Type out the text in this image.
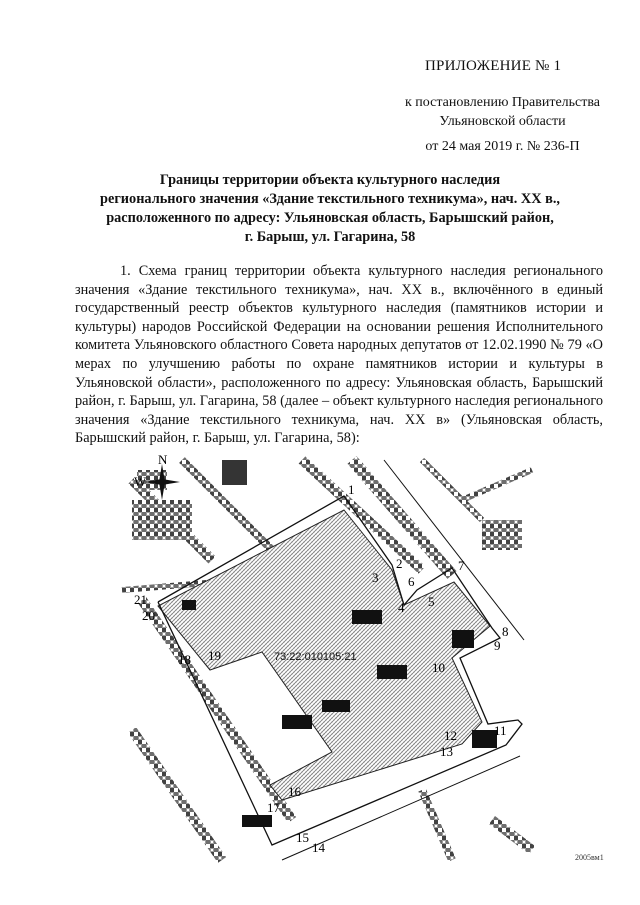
ПРИЛОЖЕНИЕ № 1
к постановлению Правительства
Ульяновской области
от 24 мая 2019 г. № 236-П
Границы территории объекта культурного наследия
регионального значения «Здание текстильного техникума», нач. XX в.,
расположенного по адресу: Ульяновская область, Барышский район,
г. Барыш, ул. Гагарина, 58
1. Схема границ территории объекта культурного наследия регионального значения «Здание текстильного техникума», нач. XX в., включённого в единый государственный реестр объектов культурного наследия (памятников истории и культуры) народов Российской Федерации на основании решения Исполнительного комитета Ульяновского областного Совета народных депутатов от 12.02.1990 № 79 «О мерах по улучшению работы по охране памятников истории и культуры в Ульяновской области», расположенного по адресу: Ульяновская область, Барышский район, г. Барыш, ул. Гагарина, 58 (далее – объект культурного наследия регионального значения «Здание текстильного техникума, нач. XX в» (Ульяновская область, Барышский район, г. Барыш, ул. Гагарина, 58):
N
W
73:22:010105:21
1
2
3
4 5
6
7
8
9
10
11
12
13
14
15
16
17
18 19
20
21
2005вм1
